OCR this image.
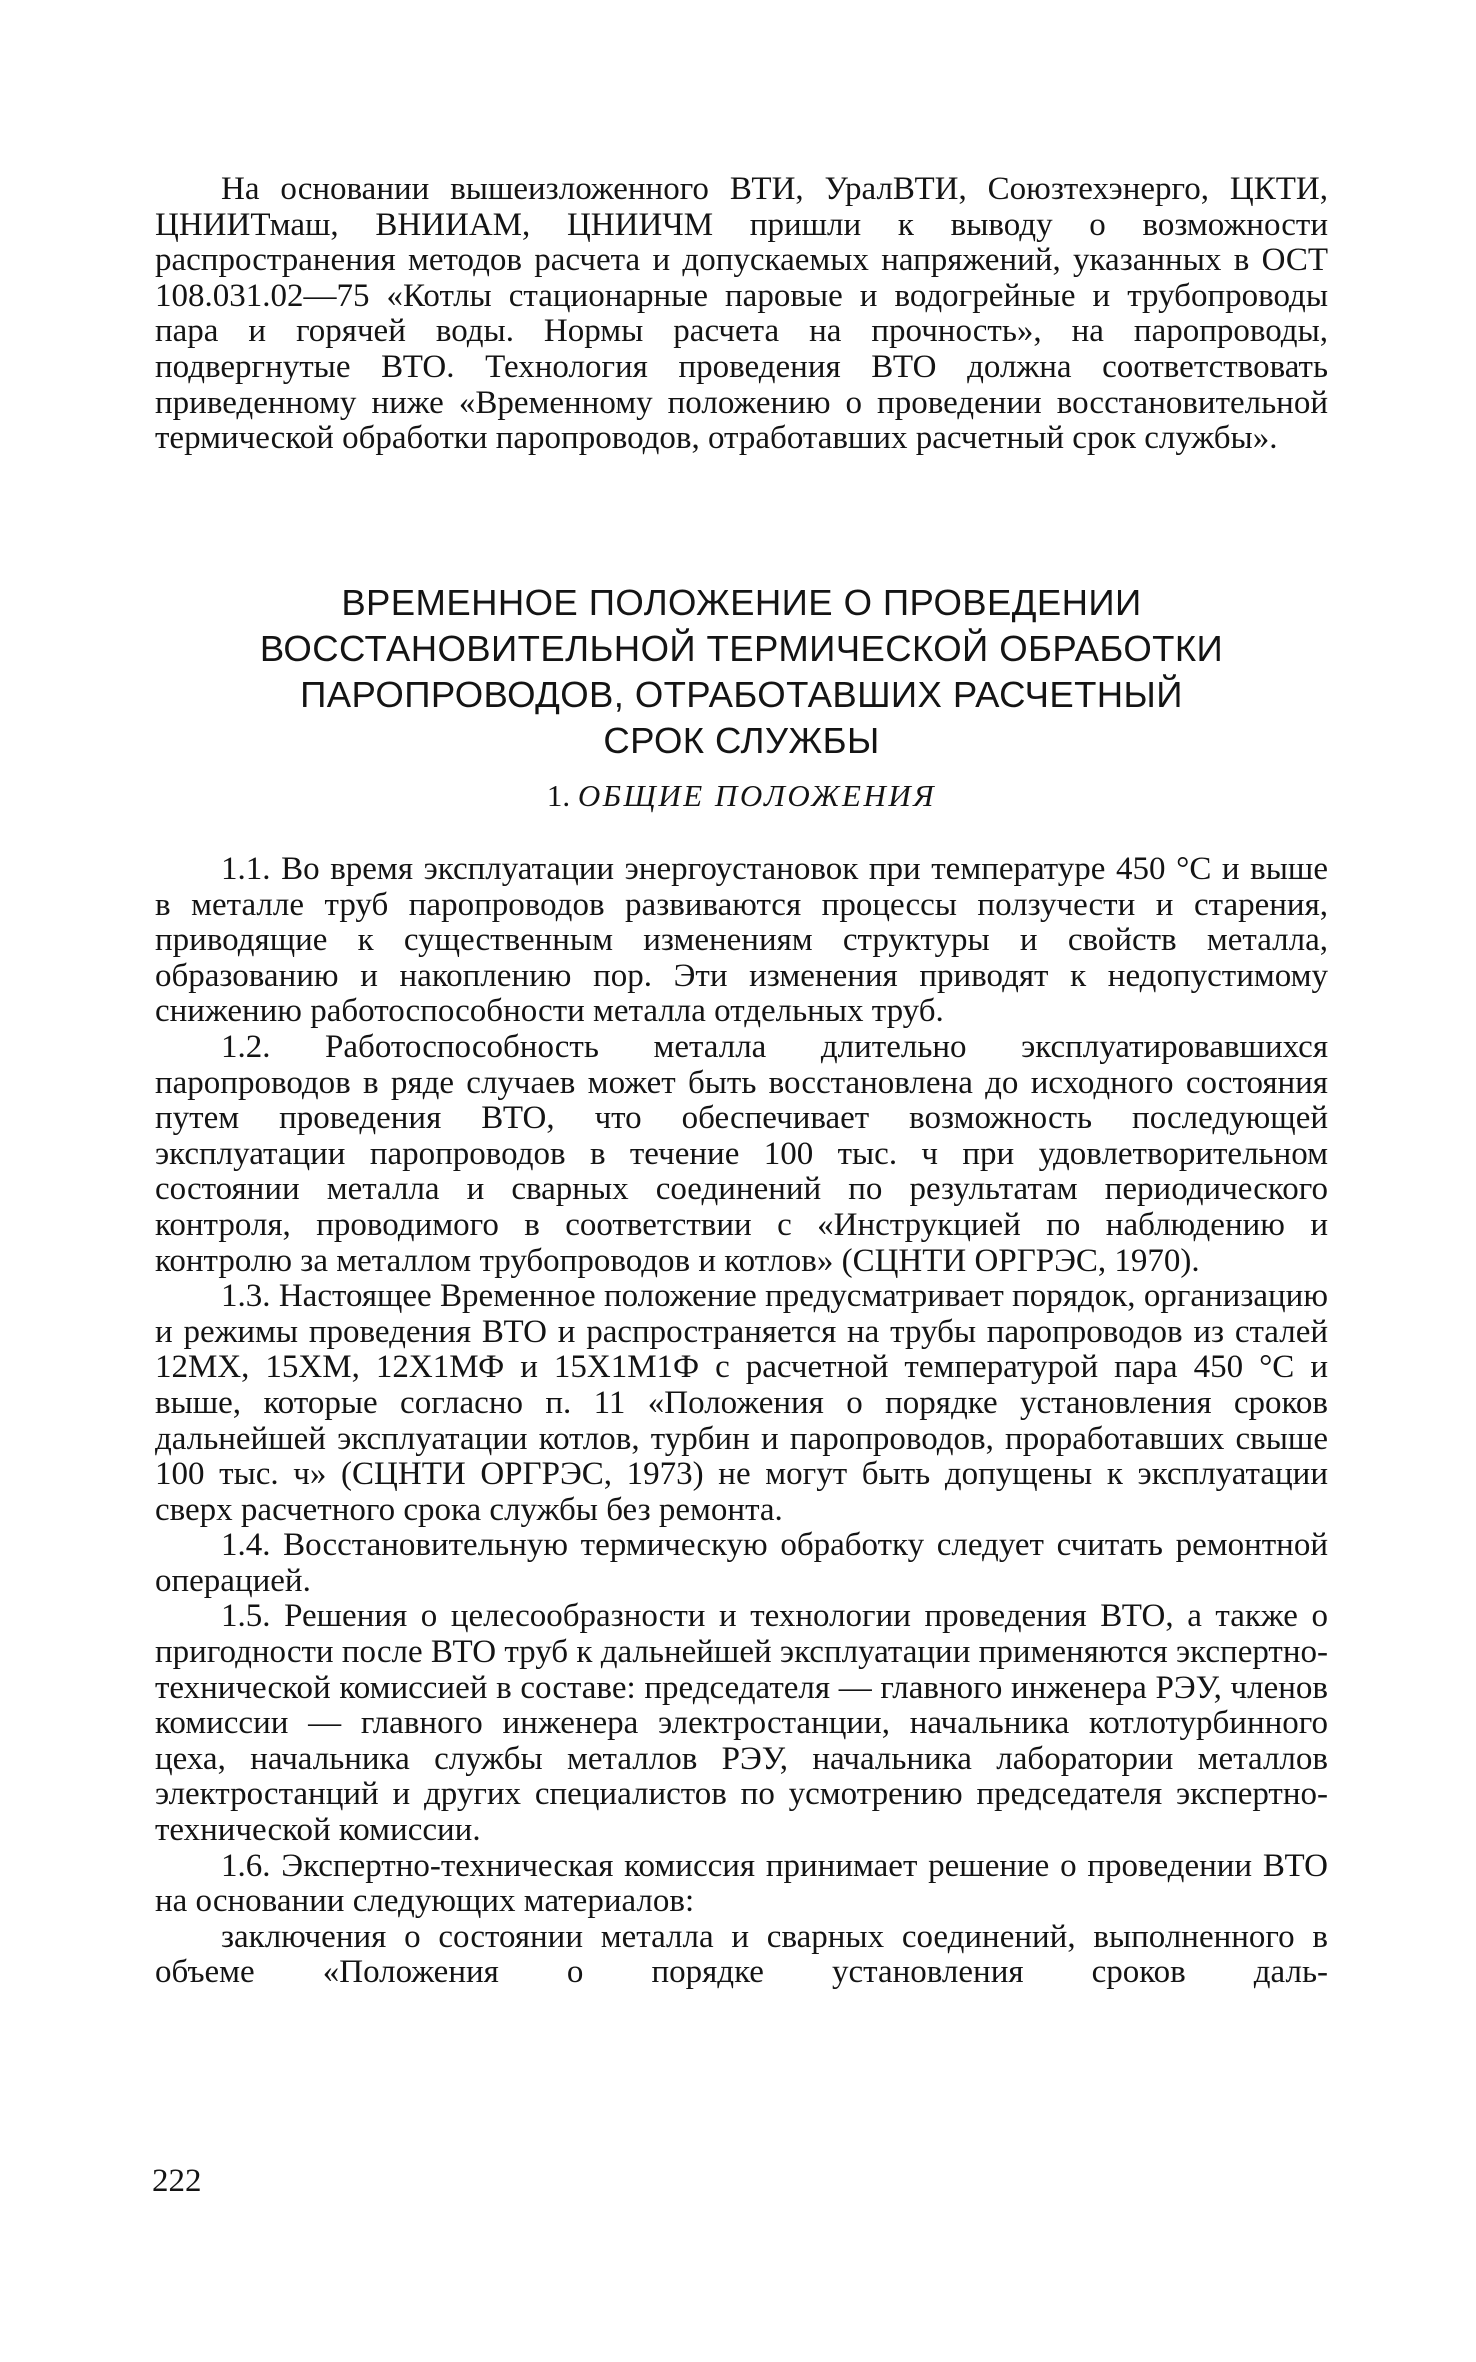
На основании вышеизложенного ВТИ, УралВТИ, Союзтехэнерго, ЦКТИ, ЦНИИТмаш, ВНИИАМ, ЦНИИЧМ пришли к выводу о возможности распространения методов расчета и допускаемых напряжений, указанных в ОСТ 108.031.02—75 «Котлы стационарные паровые и водогрейные и трубопроводы пара и горячей воды. Нормы расчета на прочность», на паропроводы, подвергнутые ВТО. Технология проведения ВТО должна соответствовать приведенному ниже «Временному положению о проведении восстановительной термической обработки паропроводов, отработавших расчетный срок службы».

ВРЕМЕННОЕ ПОЛОЖЕНИЕ О ПРОВЕДЕНИИ
ВОССТАНОВИТЕЛЬНОЙ ТЕРМИЧЕСКОЙ ОБРАБОТКИ
ПАРОПРОВОДОВ, ОТРАБОТАВШИХ РАСЧЕТНЫЙ
СРОК СЛУЖБЫ
1. ОБЩИЕ ПОЛОЖЕНИЯ

1.1. Во время эксплуатации энергоустановок при температуре 450 °С и выше в металле труб паропроводов развиваются процессы ползучести и старения, приводящие к существенным изменениям структуры и свойств металла, образованию и накоплению пор. Эти изменения приводят к недопустимому снижению работоспособности металла отдельных труб.

1.2. Работоспособность металла длительно эксплуатировавшихся паропроводов в ряде случаев может быть восстановлена до исходного состояния путем проведения ВТО, что обеспечивает возможность последующей эксплуатации паропроводов в течение 100 тыс. ч при удовлетворительном состоянии металла и сварных соединений по результатам периодического контроля, проводимого в соответствии с «Инструкцией по наблюдению и контролю за металлом трубопроводов и котлов» (СЦНТИ ОРГРЭС, 1970).

1.3. Настоящее Временное положение предусматривает порядок, организацию и режимы проведения ВТО и распространяется на трубы паропроводов из сталей 12МХ, 15ХМ, 12Х1МФ и 15Х1М1Ф с расчетной температурой пара 450 °С и выше, которые согласно п. 11 «Положения о порядке установления сроков дальнейшей эксплуатации котлов, турбин и паропроводов, проработавших свыше 100 тыс. ч» (СЦНТИ ОРГРЭС, 1973) не могут быть допущены к эксплуатации сверх расчетного срока службы без ремонта.

1.4. Восстановительную термическую обработку следует считать ремонтной операцией.

1.5. Решения о целесообразности и технологии проведения ВТО, а также о пригодности после ВТО труб к дальнейшей эксплуатации применяются экспертно-технической комиссией в составе: председателя — главного инженера РЭУ, членов комиссии — главного инженера электростанции, начальника котлотурбинного цеха, начальника службы металлов РЭУ, начальника лаборатории металлов электростанций и других специалистов по усмотрению председателя экспертно-технической комиссии.

1.6. Экспертно-техническая комиссия принимает решение о проведении ВТО на основании следующих материалов:

заключения о состоянии металла и сварных соединений, выполненного в объеме «Положения о порядке установления сроков даль-

222
